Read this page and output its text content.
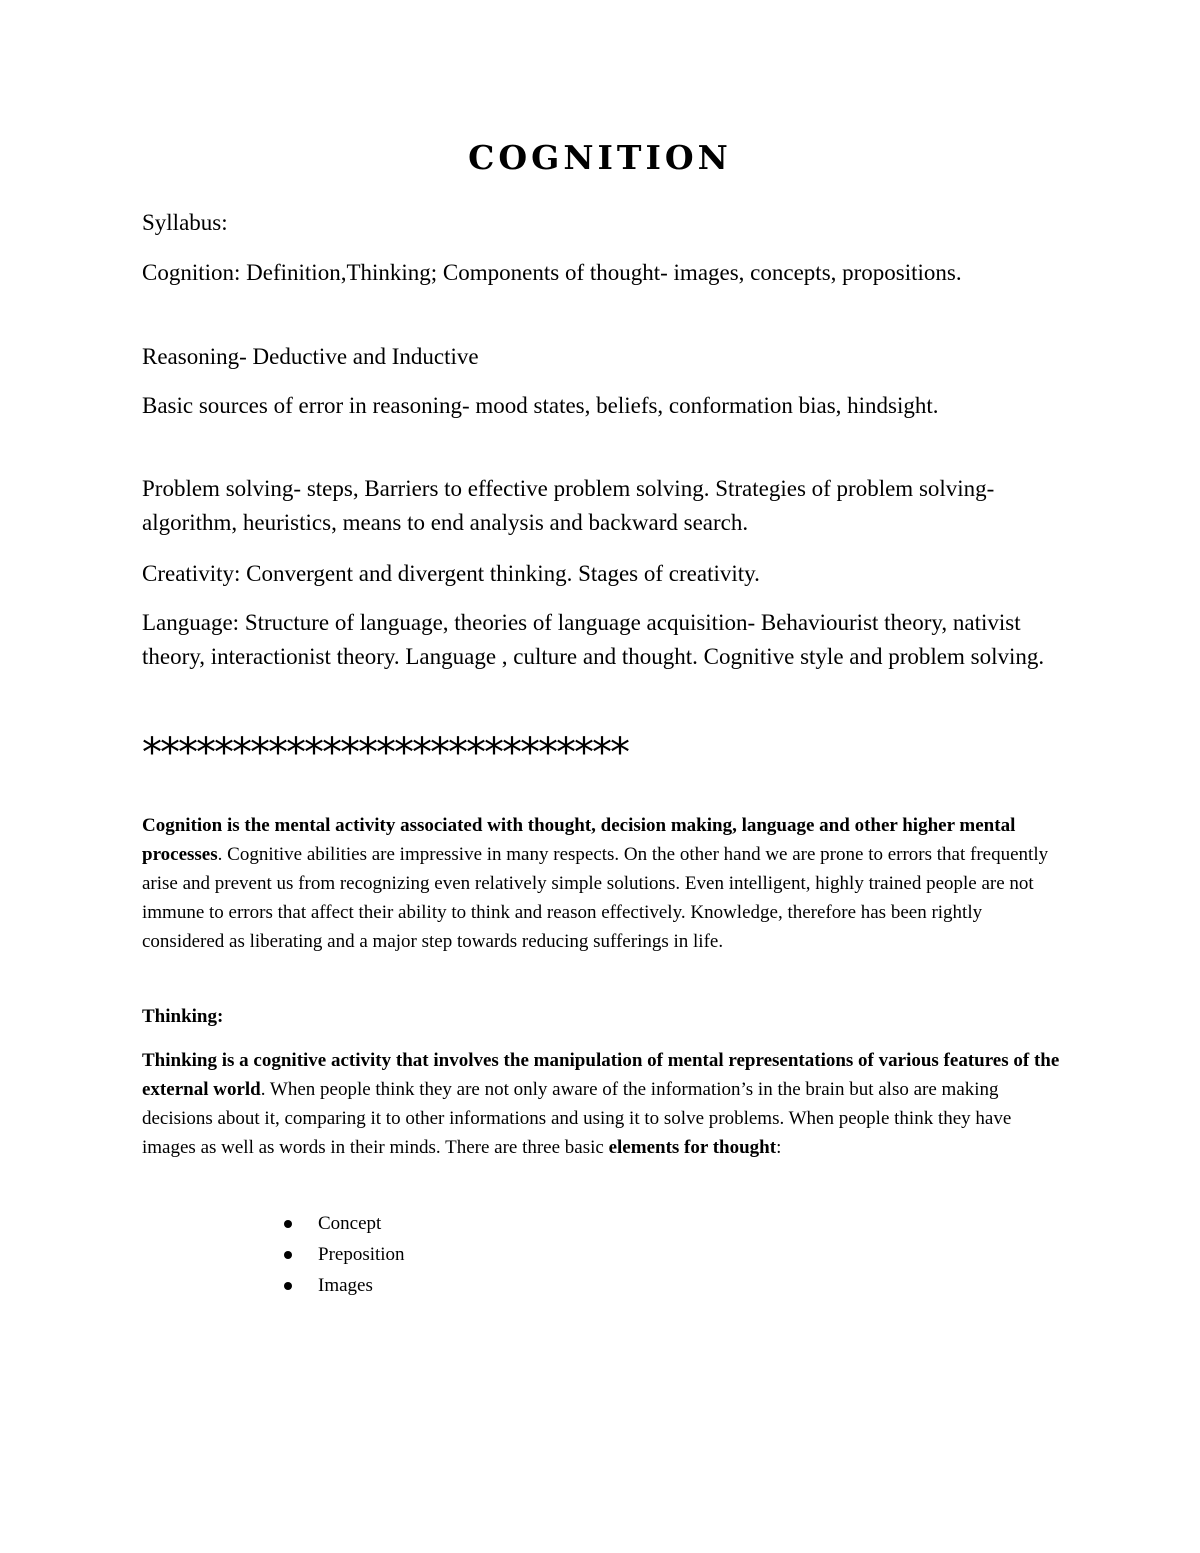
COGNITION

Syllabus:

Cognition: Definition,Thinking; Components of thought- images, concepts, propositions.

Reasoning- Deductive and Inductive

Basic sources of error in reasoning- mood states, beliefs, conformation bias, hindsight.

Problem solving- steps, Barriers to effective problem solving. Strategies of problem solving-algorithm, heuristics, means to end analysis and backward search.

Creativity: Convergent and divergent thinking. Stages of creativity.

Language: Structure of language, theories of language acquisition- Behaviourist theory, nativist theory, interactionist theory. Language , culture and thought. Cognitive style and problem solving.

***************************

Cognition is the mental activity associated with thought, decision making, language and other higher mental processes. Cognitive abilities are impressive in many respects. On the other hand we are prone to errors that frequently arise and prevent us from recognizing even relatively simple solutions. Even intelligent, highly trained people are not immune to errors that affect their ability to think and reason effectively. Knowledge, therefore has been rightly considered as liberating and a major step towards reducing sufferings in life.

Thinking:

Thinking is a cognitive activity that involves the manipulation of mental representations of various features of the external world. When people think they are not only aware of the information’s in the brain but also are making decisions about it, comparing it to other informations and using it to solve problems. When people think they have images as well as words in their minds. There are three basic elements for thought:

Concept
Preposition
Images
